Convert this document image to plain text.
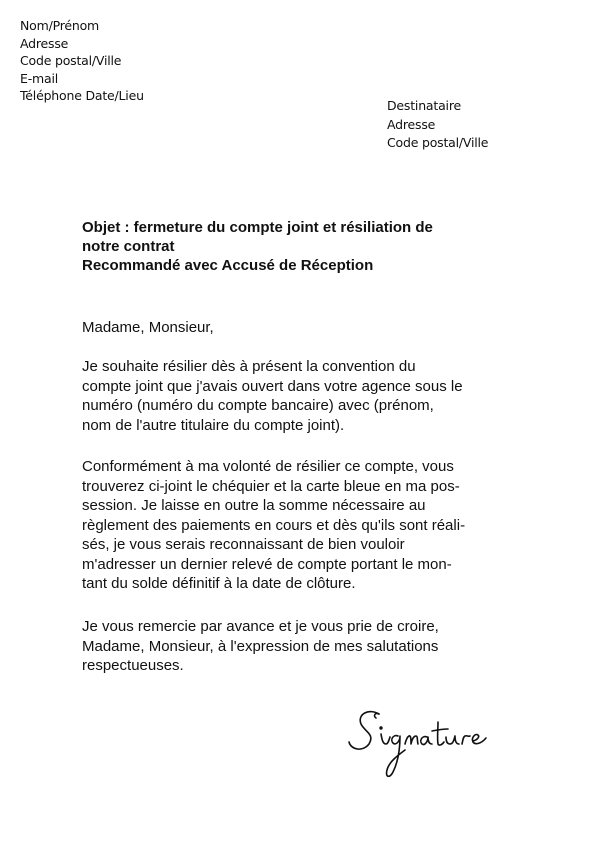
Nom/Prénom
Adresse
Code postal/Ville
E-mail
Téléphone Date/Lieu
Destinataire
Adresse
Code postal/Ville
Objet : fermeture du compte joint et résiliation de
notre contrat
Recommandé avec Accusé de Réception
Madame, Monsieur,
Je souhaite résilier dès à présent la convention du
compte joint que j'avais ouvert dans votre agence sous le
numéro (numéro du compte bancaire) avec (prénom,
nom de l'autre titulaire du compte joint).
Conformément à ma volonté de résilier ce compte, vous
trouverez ci-joint le chéquier et la carte bleue en ma pos-
session. Je laisse en outre la somme nécessaire au
règlement des paiements en cours et dès qu'ils sont réali-
sés, je vous serais reconnaissant de bien vouloir
m'adresser un dernier relevé de compte portant le mon-
tant du solde définitif à la date de clôture.
Je vous remercie par avance et je vous prie de croire,
Madame, Monsieur, à l'expression de mes salutations
respectueuses.
